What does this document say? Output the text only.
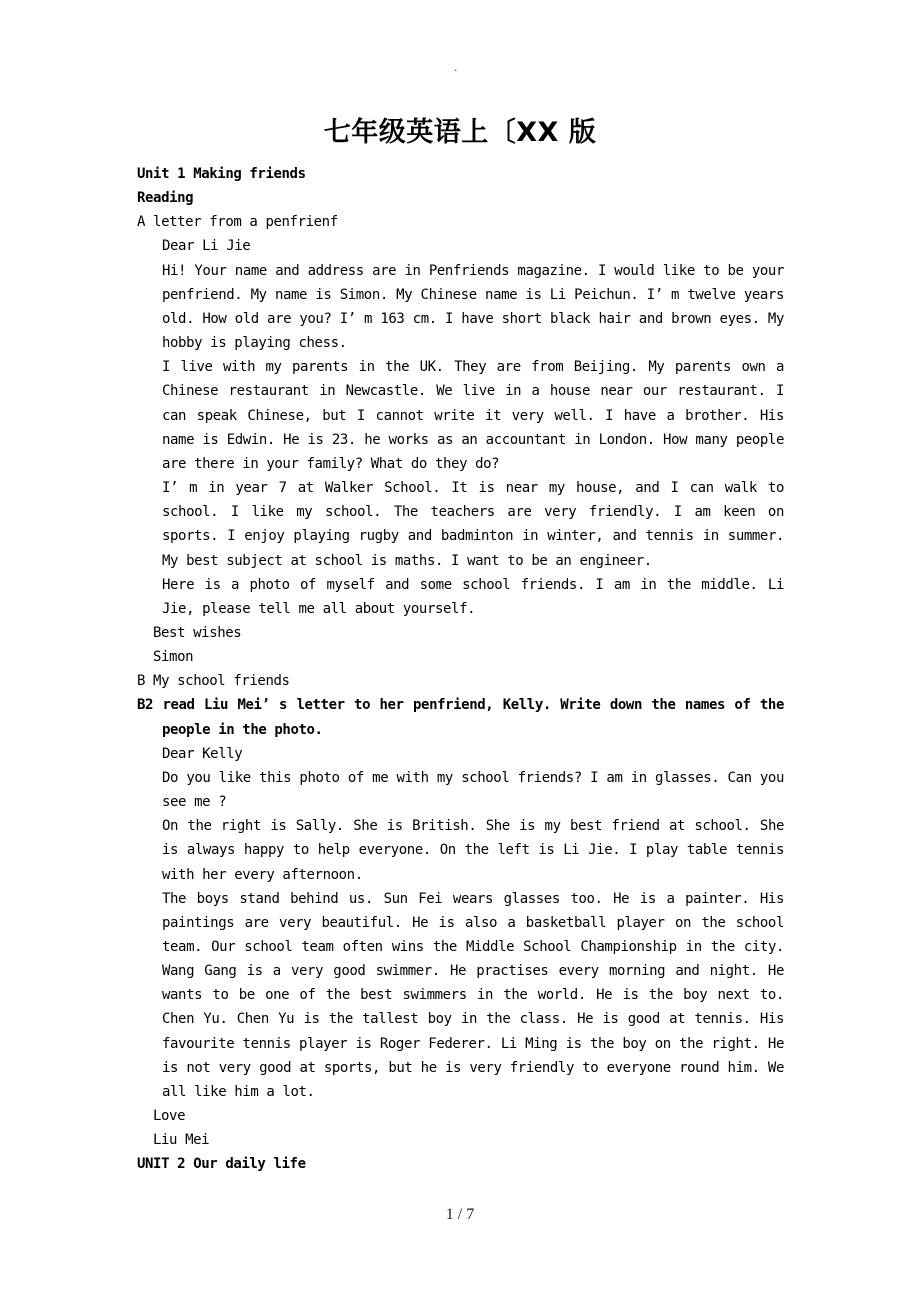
.
七年级英语上〔XX 版
Unit 1 Making friends
Reading
A letter from a penfrienf
Dear Li Jie
Hi! Your name and address are in Penfriends magazine. I would like to be your penfriend. My name is Simon. My Chinese name is Li Peichun. I’ m twelve years old. How old are you? I’ m 163 cm. I have short black hair and brown eyes. My hobby is playing chess.
I live with my parents in the UK. They are from Beijing. My parents own a Chinese restaurant in Newcastle. We live in a house near our restaurant. I can speak Chinese, but I cannot write it very well. I have a brother. His name is Edwin. He is 23. he works as an accountant in London. How many people are there in your family? What do they do?
I’ m in year 7 at Walker School. It is near my house, and I can walk to school. I like my school. The teachers are very friendly. I am keen on sports. I enjoy playing rugby and badminton in winter, and tennis in summer. My best subject at school is maths. I want to be an engineer.
Here is a photo of myself and some school friends. I am in the middle. Li Jie, please tell me all about yourself.
Best wishes
Simon
B My school friends
B2 read Liu Mei’ s letter to her penfriend, Kelly. Write down the names of the people in the photo.
Dear Kelly
Do you like this photo of me with my school friends? I am in glasses. Can you see me ?
On the right is Sally. She is British. She is my best friend at school. She is always happy to help everyone. On the left is Li Jie. I play table tennis with her every afternoon.
The boys stand behind us. Sun Fei wears glasses too. He is a painter. His paintings are very beautiful. He is also a basketball player on the school team. Our school team often wins the Middle School Championship in the city. Wang Gang is a very good swimmer. He practises every morning and night. He wants to be one of the best swimmers in the world. He is the boy next to. Chen Yu. Chen Yu is the tallest boy in the class. He is good at tennis. His favourite tennis player is Roger Federer. Li Ming is the boy on the right. He is not very good at sports, but he is very friendly to everyone round him. We all like him a lot.
Love
Liu Mei
UNIT 2 Our daily life
1 / 7
